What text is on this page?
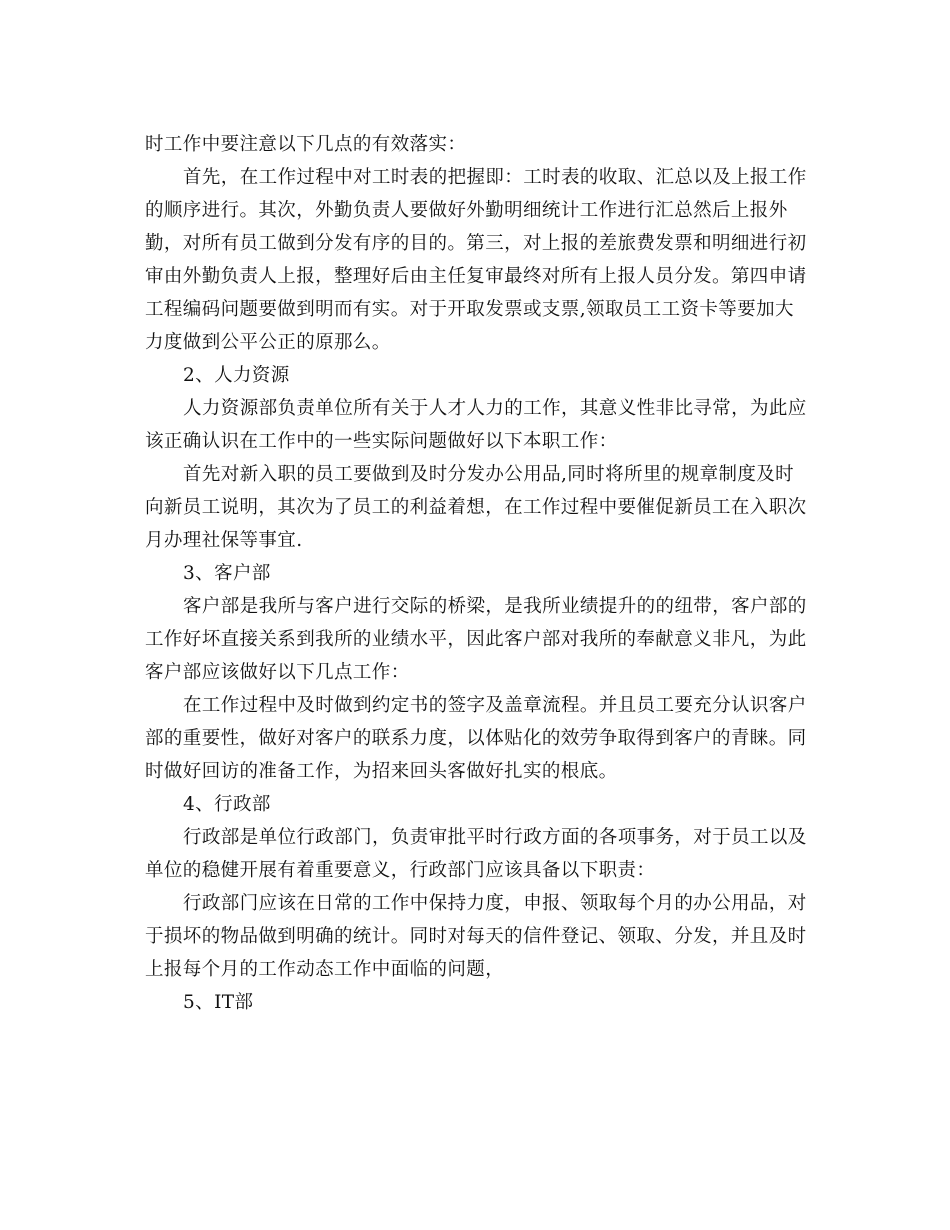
时工作中要注意以下几点的有效落实：
首先，在工作过程中对工时表的把握即：工时表的收取、汇总以及上报工作
的顺序进行。其次，外勤负责人要做好外勤明细统计工作进行汇总然后上报外
勤，对所有员工做到分发有序的目的。第三，对上报的差旅费发票和明细进行初
审由外勤负责人上报，整理好后由主任复审最终对所有上报人员分发。第四申请
工程编码问题要做到明而有实。对于开取发票或支票,领取员工工资卡等要加大
力度做到公平公正的原那么。
2、人力资源
人力资源部负责单位所有关于人才人力的工作，其意义性非比寻常，为此应
该正确认识在工作中的一些实际问题做好以下本职工作：
首先对新入职的员工要做到及时分发办公用品,同时将所里的规章制度及时
向新员工说明，其次为了员工的利益着想，在工作过程中要催促新员工在入职次
月办理社保等事宜.
3、客户部
客户部是我所与客户进行交际的桥梁，是我所业绩提升的的纽带，客户部的
工作好坏直接关系到我所的业绩水平，因此客户部对我所的奉献意义非凡，为此
客户部应该做好以下几点工作：
在工作过程中及时做到约定书的签字及盖章流程。并且员工要充分认识客户
部的重要性，做好对客户的联系力度，以体贴化的效劳争取得到客户的青睐。同
时做好回访的准备工作，为招来回头客做好扎实的根底。
4、行政部
行政部是单位行政部门，负责审批平时行政方面的各项事务，对于员工以及
单位的稳健开展有着重要意义，行政部门应该具备以下职责：
行政部门应该在日常的工作中保持力度，申报、领取每个月的办公用品，对
于损坏的物品做到明确的统计。同时对每天的信件登记、领取、分发，并且及时
上报每个月的工作动态工作中面临的问题，
5、IT部
